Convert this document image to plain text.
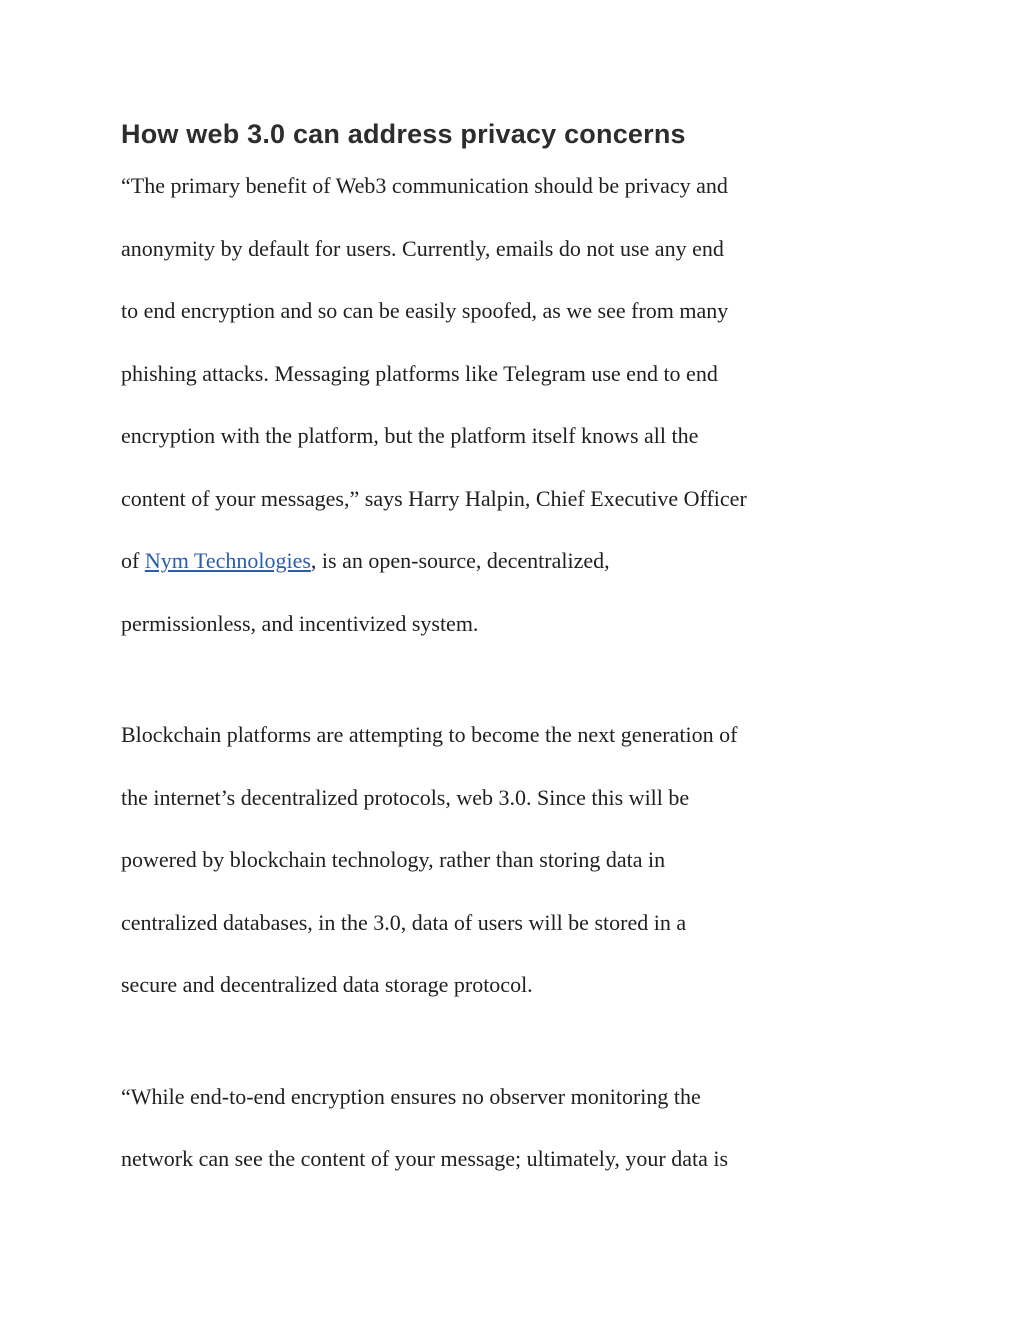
How web 3.0 can address privacy concerns

“The primary benefit of Web3 communication should be privacy and
anonymity by default for users. Currently, emails do not use any end
to end encryption and so can be easily spoofed, as we see from many
phishing attacks. Messaging platforms like Telegram use end to end
encryption with the platform, but the platform itself knows all the
content of your messages,” says Harry Halpin, Chief Executive Officer
of Nym Technologies, is an open-source, decentralized,
permissionless, and incentivized system.

Blockchain platforms are attempting to become the next generation of
the internet’s decentralized protocols, web 3.0. Since this will be
powered by blockchain technology, rather than storing data in
centralized databases, in the 3.0, data of users will be stored in a
secure and decentralized data storage protocol.

“While end-to-end encryption ensures no observer monitoring the
network can see the content of your message; ultimately, your data is
